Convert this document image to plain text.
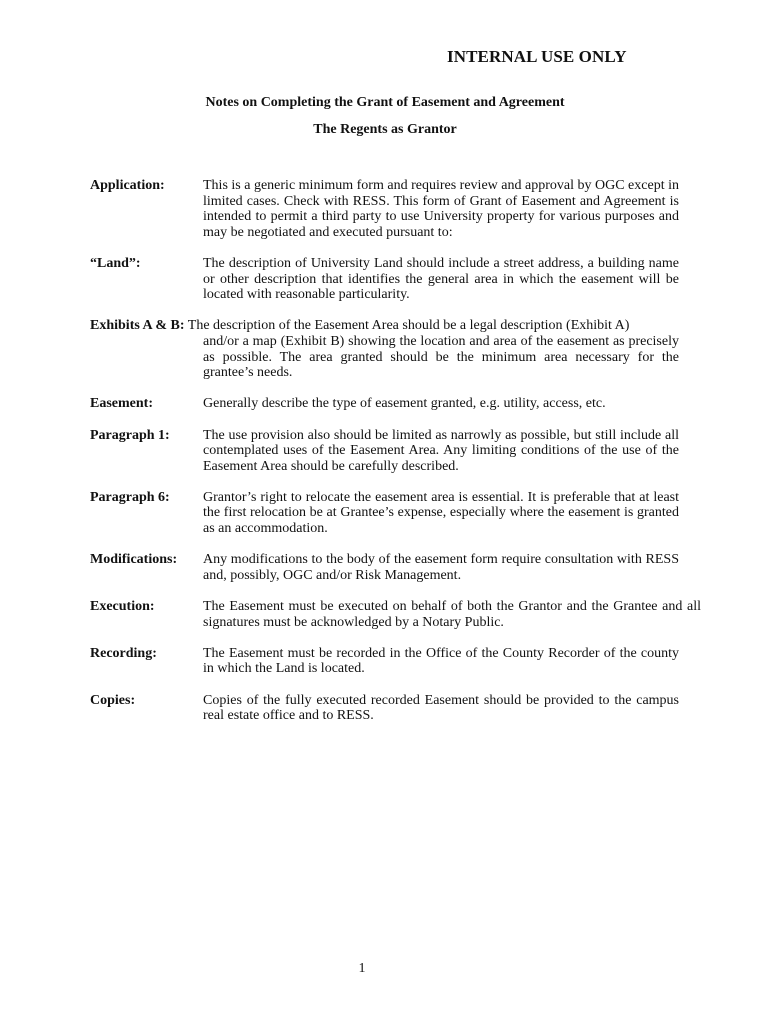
INTERNAL USE ONLY
Notes on Completing the Grant of Easement and Agreement
The Regents as Grantor
Application:	This is a generic minimum form and requires review and approval by OGC except in limited cases. Check with RESS. This form of Grant of Easement and Agreement is intended to permit a third party to use University property for various purposes and may be negotiated and executed pursuant to:
“Land”:	The description of University Land should include a street address, a building name or other description that identifies the general area in which the easement will be located with reasonable particularity.
Exhibits A & B: The description of the Easement Area should be a legal description (Exhibit A)
and/or a map (Exhibit B) showing the location and area of the easement as precisely as possible. The area granted should be the minimum area necessary for the grantee’s needs.
Easement:	Generally describe the type of easement granted, e.g. utility, access, etc.
Paragraph 1: The use provision also should be limited as narrowly as possible, but still include all contemplated uses of the Easement Area. Any limiting conditions of the use of the Easement Area should be carefully described.
Paragraph 6: Grantor’s right to relocate the easement area is essential. It is preferable that at least the first relocation be at Grantee’s expense, especially where the easement is granted as an accommodation.
Modifications: Any modifications to the body of the easement form require consultation with RESS and, possibly, OGC and/or Risk Management.
Execution:	The Easement must be executed on behalf of both the Grantor and the Grantee and all signatures must be acknowledged by a Notary Public.
Recording:	The Easement must be recorded in the Office of the County Recorder of the county in which the Land is located.
Copies:	Copies of the fully executed recorded Easement should be provided to the campus real estate office and to RESS.
1
